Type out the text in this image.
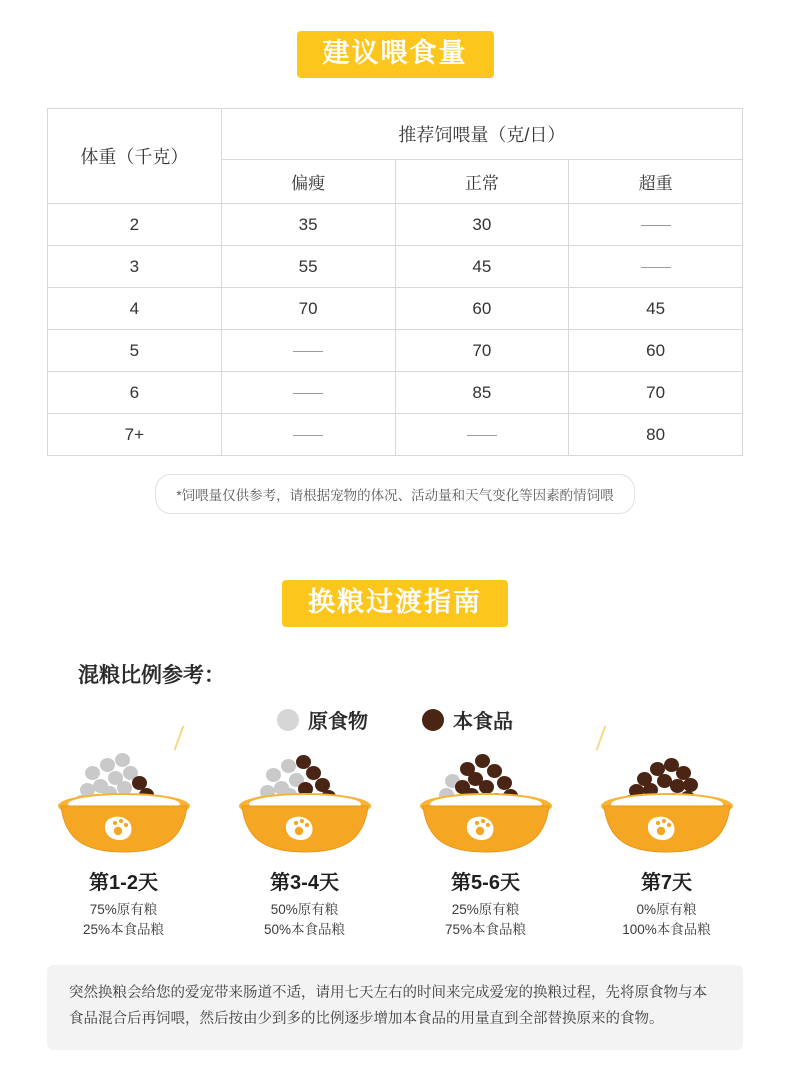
建议喂食量
体重（千克）	推荐饲喂量（克/日）		
	偏瘦	正常	超重
2	35	30	
3	55	45	
4	70	60	45
5		70	60
6		85	70
7+			80
*饲喂量仅供参考，请根据宠物的体况、活动量和天气变化等因素酌情饲喂
换粮过渡指南
混粮比例参考：
原食物	本食品
第1-2天
75%原有粮
25%本食品粮
第3-4天
50%原有粮
50%本食品粮
第5-6天
25%原有粮
75%本食品粮
第7天
0%原有粮
100%本食品粮
突然换粮会给您的爱宠带来肠道不适，请用七天左右的时间来完成爱宠的换粮过程，先将原食物与本食品混合后再饲喂，然后按由少到多的比例逐步增加本食品的用量直到全部替换原来的食物。
